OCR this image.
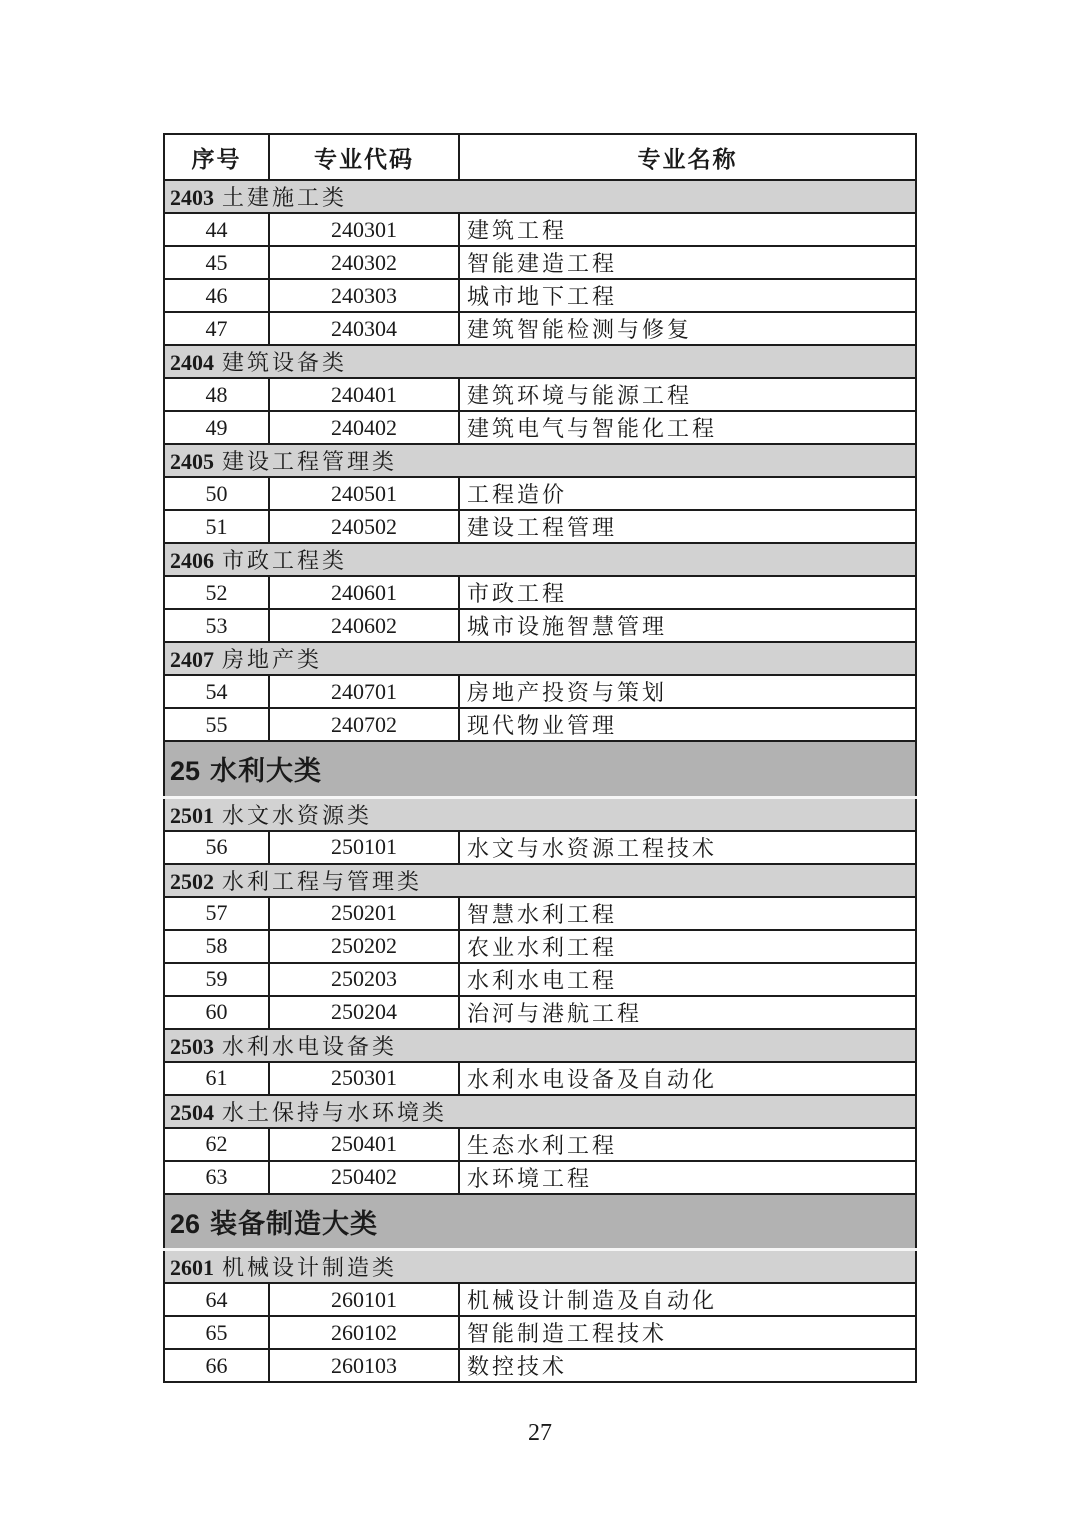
序号	专业代码	专业名称
2403 土建施工类		
44	240301	建筑工程
45	240302	智能建造工程
46	240303	城市地下工程
47	240304	建筑智能检测与修复
2404 建筑设备类		
48	240401	建筑环境与能源工程
49	240402	建筑电气与智能化工程
2405 建设工程管理类		
50	240501	工程造价
51	240502	建设工程管理
2406 市政工程类		
52	240601	市政工程
53	240602	城市设施智慧管理
2407 房地产类		
54	240701	房地产投资与策划
55	240702	现代物业管理
25 水利大类		
2501 水文水资源类		
56	250101	水文与水资源工程技术
2502 水利工程与管理类		
57	250201	智慧水利工程
58	250202	农业水利工程
59	250203	水利水电工程
60	250204	治河与港航工程
2503 水利水电设备类		
61	250301	水利水电设备及自动化
2504 水土保持与水环境类		
62	250401	生态水利工程
63	250402	水环境工程
26 装备制造大类		
2601 机械设计制造类		
64	260101	机械设计制造及自动化
65	260102	智能制造工程技术
66	260103	数控技术
27
